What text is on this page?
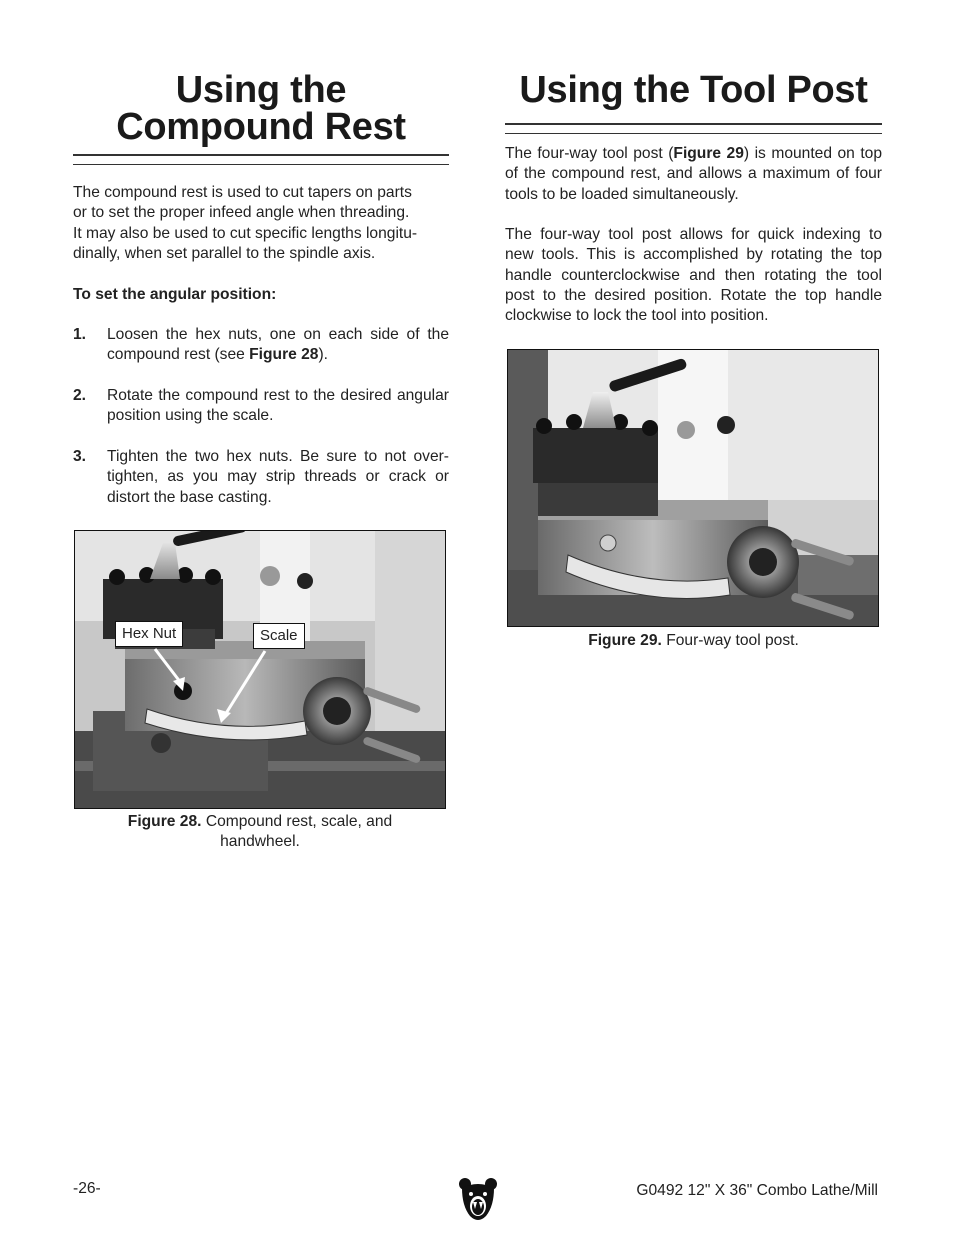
Using the
Compound Rest

The compound rest is used to cut tapers on parts

or to set the proper infeed angle when threading.

It may also be used to cut specific lengths longitu-

dinally, when set parallel to the spindle axis.

To set the angular position:

1. Loosen the hex nuts, one on each side of the compound rest (see Figure 28).
2. Rotate the compound rest to the desired angular position using the scale.
3. Tighten the two hex nuts. Be sure to not over-tighten, as you may strip threads or crack or distort the base casting.
Hex Nut	Scale
Figure 28. Compound rest, scale, and handwheel.
Using the Tool Post

The four-way tool post (Figure 29) is mounted on top of the compound rest, and allows a maximum of four tools to be loaded simultaneously.

The four-way tool post allows for quick indexing to new tools. This is accomplished by rotating the top handle counterclockwise and then rotating the tool post to the desired position. Rotate the top handle clockwise to lock the tool into position.

Figure 29. Four-way tool post.
-26-	G0492 12" X 36" Combo Lathe/Mill
